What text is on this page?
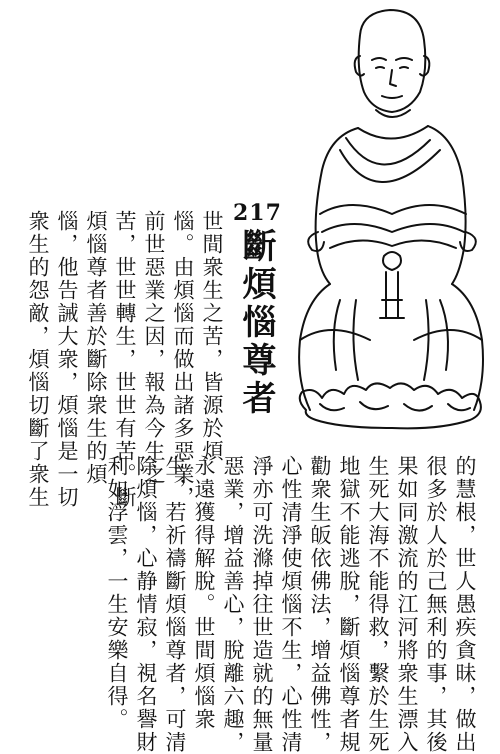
217
斷煩惱尊者
世間衆生之苦，皆源於煩
惱。由煩惱而做出諸多惡業，
前世惡業之因，報為今生之
苦，世世轉生，世世有苦。斷
煩惱尊者善於斷除衆生的煩
惱，他告誡大衆，煩惱是一切
衆生的怨敵，煩惱切斷了衆生
的慧根，世人愚疾貪昧，做出
很多於人於己無利的事，其後
果如同激流的江河將衆生漂入
生死大海不能得救，繫於生死
地獄不能逃脫，斷煩惱尊者規
勸衆生皈依佛法，增益佛性，
心性清淨使煩惱不生，心性清
淨亦可洗滌掉往世造就的無量
惡業，增益善心，脫離六趣，
永遠獲得解脫。世間煩惱衆
生，若祈禱斷煩惱尊者，可清
除煩惱，心静情寂，視名譽財
利如浮雲，一生安樂自得。
